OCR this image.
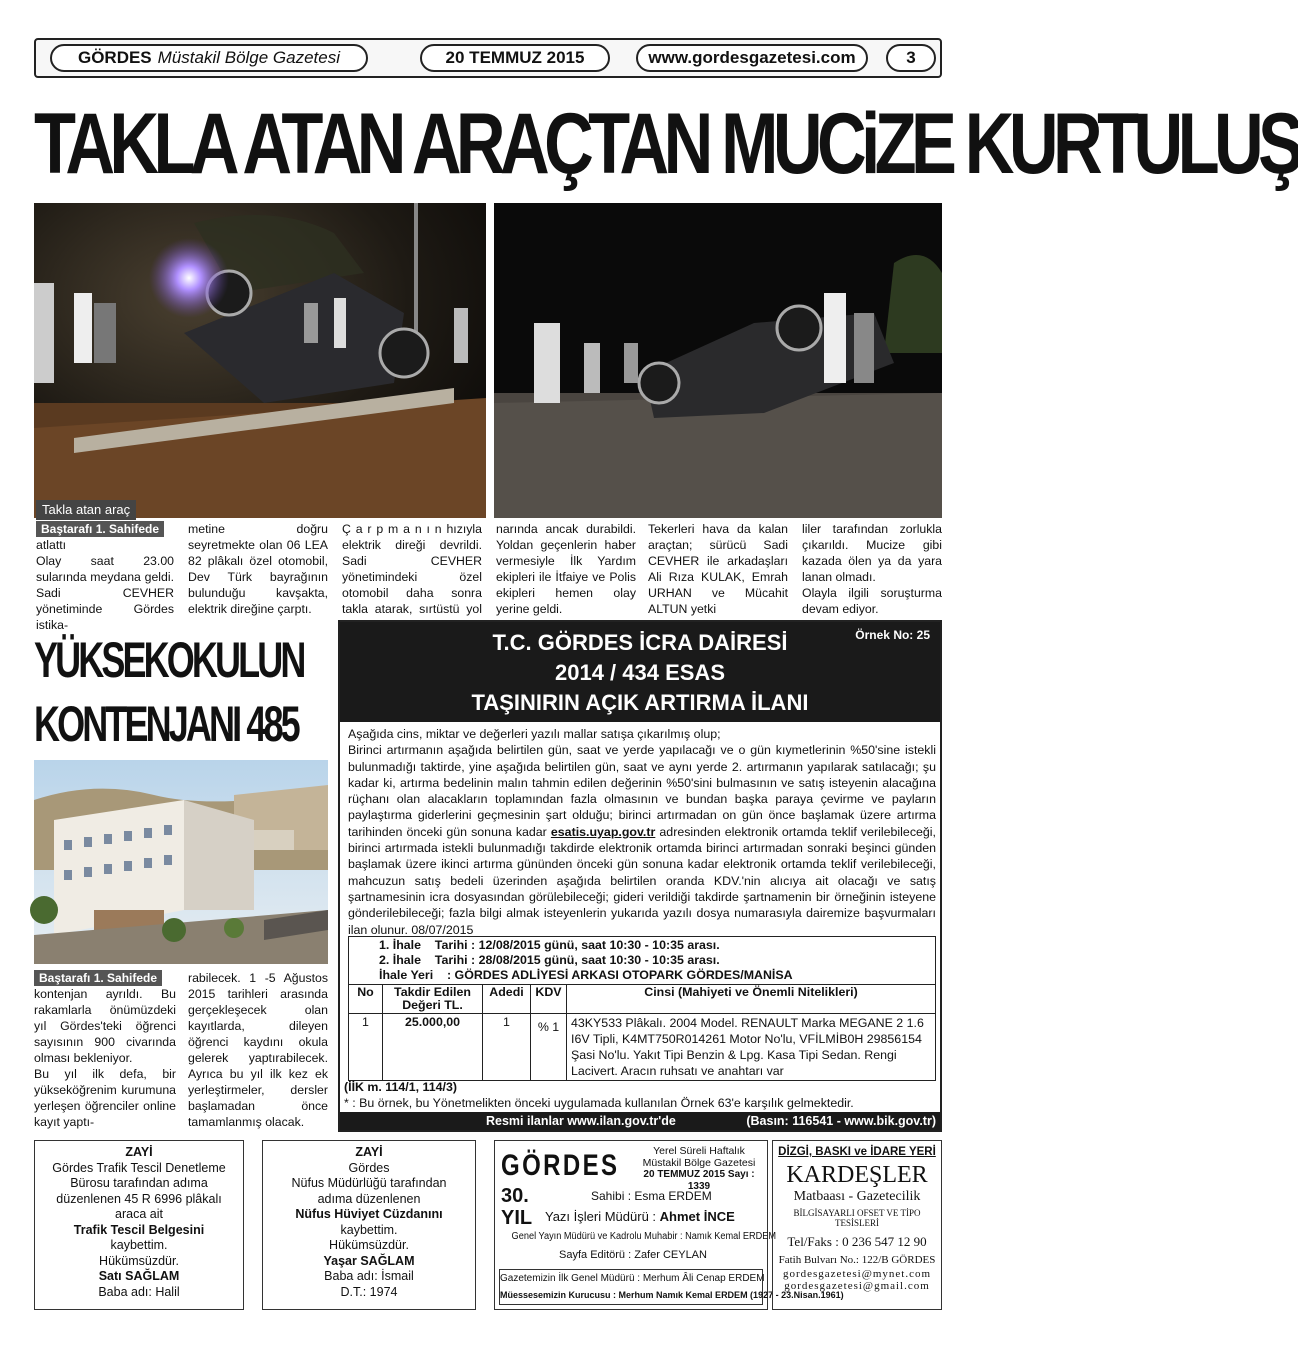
GÖRDES Müstakil Bölge Gazetesi	20 TEMMUZ 2015	www.gordesgazetesi.com	3
TAKLA ATAN ARAÇTAN MUCiZE KURTULUŞ
Takla atan araç
Baştarafı 1. Sahifede
atlattı
Olay saat 23.00 sularında meydana geldi. Sadi CEVHER yönetiminde Gördes istika-
metine doğru seyretmekte olan 06 LEA 82 plâkalı özel otomobil, Dev Türk bayrağının bulunduğu kavşakta, elektrik direğine çarptı.
Ç a r p m a n ı n hızıyla elektrik direği devrildi. Sadi CEVHER yönetimindeki özel otomobil daha sonra takla atarak, sırtüstü yol
narında ancak durabildi. Yoldan geçenlerin haber vermesiyle İlk Yardım ekipleri ile İtfaiye ve Polis ekipleri hemen olay yerine geldi.
Tekerleri hava da kalan araçtan; sürücü Sadi CEVHER ile arkadaşları Ali Rıza KULAK, Emrah URHAN ve Mücahit ALTUN yetki
liler tarafından zorlukla çıkarıldı. Mucize gibi kazada ölen ya da yara lanan olmadı.
Olayla ilgili soruşturma devam ediyor.
YÜKSEKOKULUN
KONTENJANI 485
Baştarafı 1. Sahifede
kontenjan ayrıldı. Bu rakamlarla önümüzdeki yıl Gördes'teki öğrenci sayısının 900 civarında olması bekleniyor.
Bu yıl ilk defa, bir yükseköğrenim kurumuna yerleşen öğrenciler online kayıt yaptı-
rabilecek. 1 -5 Ağustos 2015 tarihleri arasında gerçekleşecek olan kayıtlarda, dileyen öğrenci kaydını okula gelerek yaptırabilecek. Ayrıca bu yıl ilk kez ek yerleştirmeler, dersler başlamadan önce tamamlanmış olacak.
T.C. GÖRDES İCRA DAİRESİ
2014 / 434 ESAS
TAŞINIRIN AÇIK ARTIRMA İLANI
Örnek No: 25
Aşağıda cins, miktar ve değerleri yazılı mallar satışa çıkarılmış olup;
Birinci artırmanın aşağıda belirtilen gün, saat ve yerde yapılacağı ve o gün kıymetlerinin %50'sine istekli bulunmadığı taktirde, yine aşağıda belirtilen gün, saat ve aynı yerde 2. artırmanın yapılarak satılacağı; şu kadar ki, artırma bedelinin malın tahmin edilen değerinin %50'sini bulmasının ve satış isteyenin alacağına rüçhanı olan alacakların toplamından fazla olmasının ve bundan başka paraya çevirme ve payların paylaştırma giderlerini geçmesinin şart olduğu; birinci artırmadan on gün önce başlamak üzere artırma tarihinden önceki gün sonuna kadar esatis.uyap.gov.tr adresinden elektronik ortamda teklif verilebileceği, birinci artırmada istekli bulunmadığı takdirde elektronik ortamda birinci artırmadan sonraki beşinci günden başlamak üzere ikinci artırma gününden önceki gün sonuna kadar elektronik ortamda teklif verilebileceği, mahcuzun satış bedeli üzerinden aşağıda belirtilen oranda KDV.'nin alıcıya ait olacağı ve satış şartnamesinin icra dosyasından görülebileceği; gideri verildiği takdirde şartnamenin bir örneğinin isteyene gönderilebileceği; fazla bilgi almak isteyenlerin yukarıda yazılı dosya numarasıyla dairemize başvurmaları ilan olunur. 08/07/2015
1. İhale Tarihi : 12/08/2015 günü, saat 10:30 - 10:35 arası.
2. İhale Tarihi : 28/08/2015 günü, saat 10:30 - 10:35 arası.
İhale Yeri : GÖRDES ADLİYESİ ARKASI OTOPARK GÖRDES/MANİSA				

No	Takdir Edilen Değeri TL.	Adedi	KDV	Cinsi (Mahiyeti ve Önemli Nitelikleri)
1	25.000,00	1	% 1	43KY533 Plâkalı. 2004 Model. RENAULT Marka MEGANE 2 1.6 I6V Tipli, K4MT750R014261 Motor No'lu, VFİLMİB0H 29856154 Şasi No'lu. Yakıt Tipi Benzin & Lpg. Kasa Tipi Sedan. Rengi Lacivert. Aracın ruhsatı ve anahtarı var
(İİK m. 114/1, 114/3)
* : Bu örnek, bu Yönetmelikten önceki uygulamada kullanılan Örnek 63'e karşılık gelmektedir.
Resmi ilanlar www.ilan.gov.tr'de	(Basın: 116541 - www.bik.gov.tr)
ZAYİ
Gördes Trafik Tescil Denetleme
Bürosu tarafından adıma
düzenlenen 45 R 6996 plâkalı
araca ait
Trafik Tescil Belgesini
kaybettim.
Hükümsüzdür.
Satı SAĞLAM
Baba adı: Halil
ZAYİ
Gördes
Nüfus Müdürlüğü tarafından
adıma düzenlenen
Nüfus Hüviyet Cüzdanını
kaybettim.
Hükümsüzdür.
Yaşar SAĞLAM
Baba adı: İsmail
D.T.: 1974
GÖRDES
30.
YIL
Yerel Süreli Haftalık
Müstakil Bölge Gazetesi
20 TEMMUZ 2015 Sayı : 1339
Sahibi : Esma ERDEM
Yazı İşleri Müdürü : Ahmet İNCE
Genel Yayın Müdürü ve Kadrolu Muhabir : Namık Kemal ERDEM
Sayfa Editörü : Zafer CEYLAN
Gazetemizin İlk Genel Müdürü : Merhum Âli Cenap ERDEM
Müessesemizin Kurucusu : Merhum Namık Kemal ERDEM (1927 - 23.Nisan.1961)
DİZGİ, BASKI ve İDARE YERİ
KARDEŞLER
Matbaası - Gazetecilik
BİLGİSAYARLI OFSET VE TİPO TESİSLERİ
Tel/Faks : 0 236 547 12 90
Fatih Bulvarı No.: 122/B GÖRDES
gordesgazetesi@mynet.com
gordesgazetesi@gmail.com
